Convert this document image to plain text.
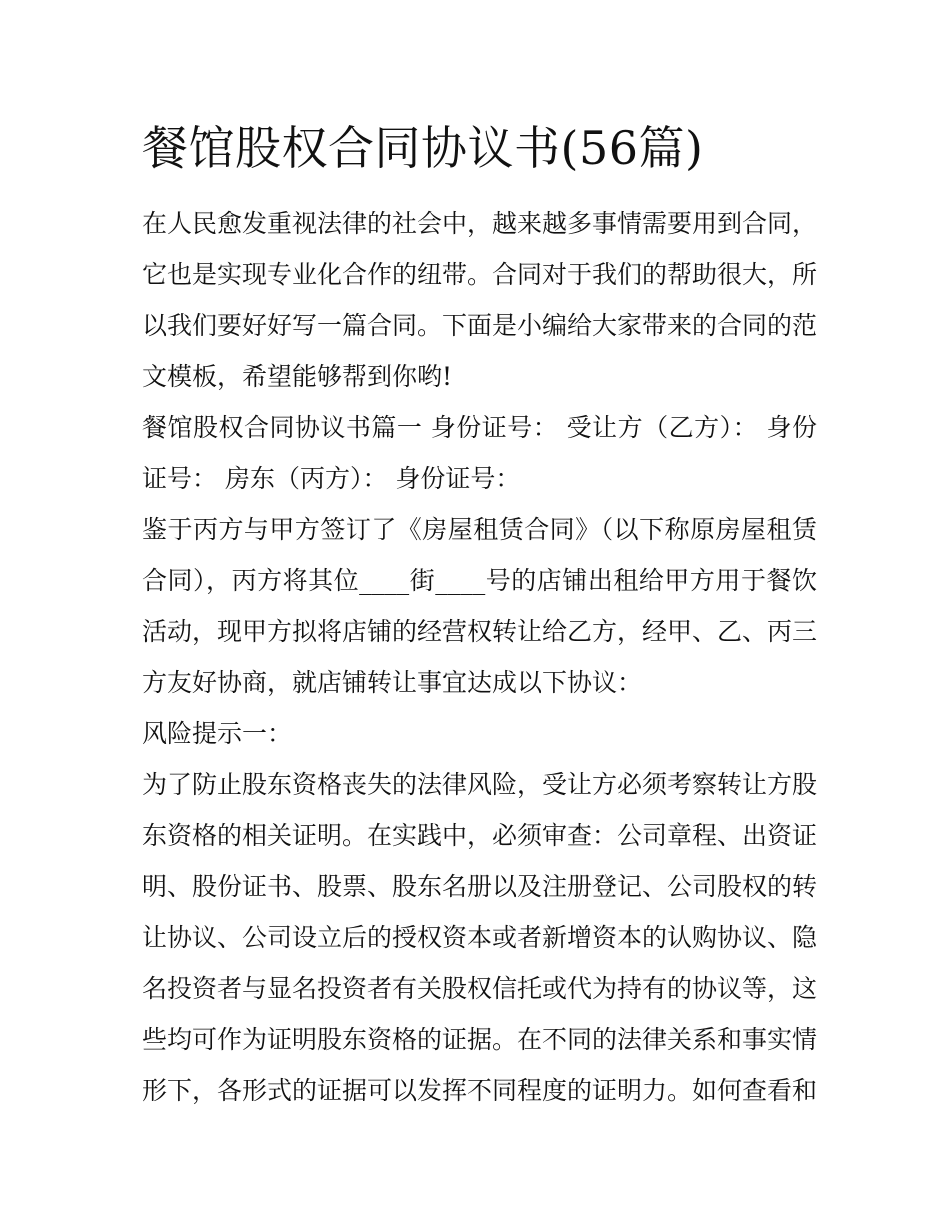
餐馆股权合同协议书(56篇)

在人民愈发重视法律的社会中，越来越多事情需要用到合同，它也是实现专业化合作的纽带。合同对于我们的帮助很大，所以我们要好好写一篇合同。下面是小编给大家带来的合同的范文模板，希望能够帮到你哟!

餐馆股权合同协议书篇一 身份证号： 受让方（乙方）： 身份证号： 房东（丙方）： 身份证号：

鉴于丙方与甲方签订了《房屋租赁合同》（以下称原房屋租赁合同），丙方将其位____街____号的店铺出租给甲方用于餐饮活动，现甲方拟将店铺的经营权转让给乙方，经甲、乙、丙三方友好协商，就店铺转让事宜达成以下协议：

风险提示一：

为了防止股东资格丧失的法律风险，受让方必须考察转让方股东资格的相关证明。在实践中，必须审查：公司章程、出资证明、股份证书、股票、股东名册以及注册登记、公司股权的转让协议、公司设立后的授权资本或者新增资本的认购协议、隐名投资者与显名投资者有关股权信托或代为持有的协议等，这些均可作为证明股东资格的证据。在不同的法律关系和事实情形下，各形式的证据可以发挥不同程度的证明力。如何查看和
